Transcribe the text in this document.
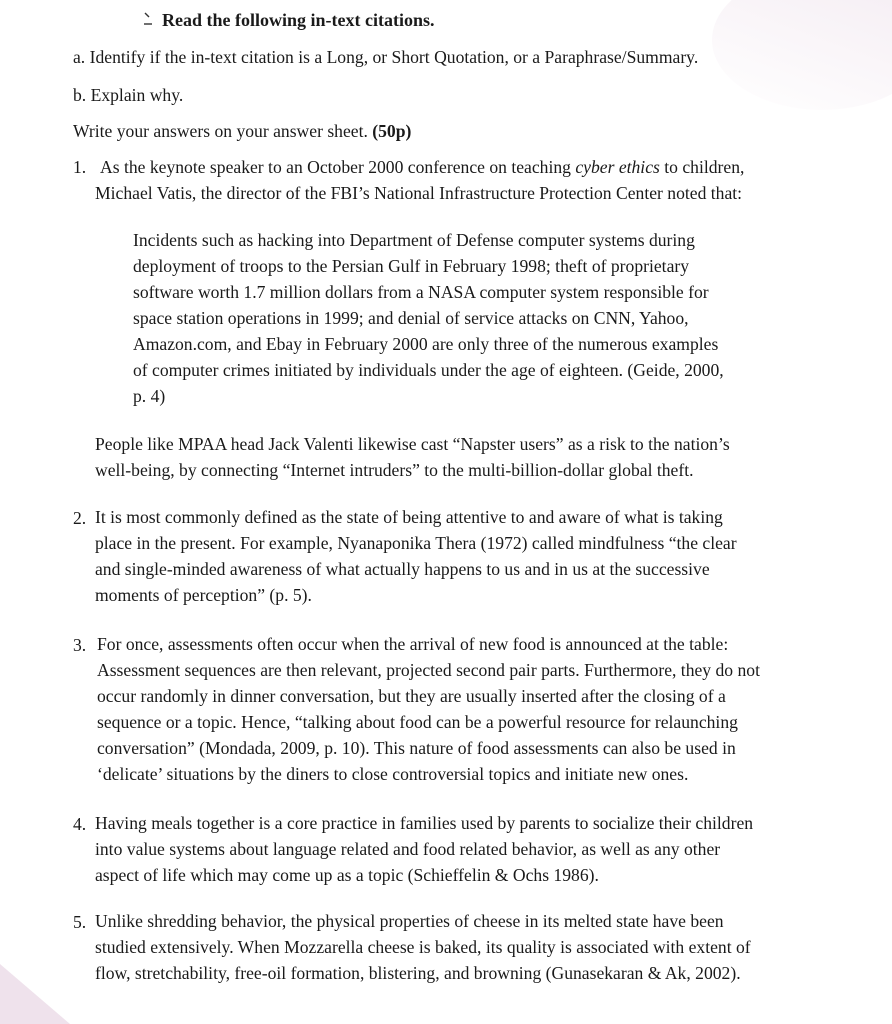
Read the following in-text citations.
a. Identify if the in-text citation is a Long, or Short Quotation, or a Paraphrase/Summary.
b. Explain why.
Write your answers on your answer sheet. (50p)
1. As the keynote speaker to an October 2000 conference on teaching cyber ethics to children,
Michael Vatis, the director of the FBI’s National Infrastructure Protection Center noted that:
Incidents such as hacking into Department of Defense computer systems during
deployment of troops to the Persian Gulf in February 1998; theft of proprietary
software worth 1.7 million dollars from a NASA computer system responsible for
space station operations in 1999; and denial of service attacks on CNN, Yahoo,
Amazon.com, and Ebay in February 2000 are only three of the numerous examples
of computer crimes initiated by individuals under the age of eighteen. (Geide, 2000,
p. 4)
People like MPAA head Jack Valenti likewise cast “Napster users” as a risk to the nation’s
well-being, by connecting “Internet intruders” to the multi-billion-dollar global theft.
2. It is most commonly defined as the state of being attentive to and aware of what is taking
place in the present. For example, Nyanaponika Thera (1972) called mindfulness “the clear
and single-minded awareness of what actually happens to us and in us at the successive
moments of perception” (p. 5).
3. For once, assessments often occur when the arrival of new food is announced at the table:
Assessment sequences are then relevant, projected second pair parts. Furthermore, they do not
occur randomly in dinner conversation, but they are usually inserted after the closing of a
sequence or a topic. Hence, “talking about food can be a powerful resource for relaunching
conversation” (Mondada, 2009, p. 10). This nature of food assessments can also be used in
‘delicate’ situations by the diners to close controversial topics and initiate new ones.
4. Having meals together is a core practice in families used by parents to socialize their children
into value systems about language related and food related behavior, as well as any other
aspect of life which may come up as a topic (Schieffelin & Ochs 1986).
5. Unlike shredding behavior, the physical properties of cheese in its melted state have been
studied extensively. When Mozzarella cheese is baked, its quality is associated with extent of
flow, stretchability, free-oil formation, blistering, and browning (Gunasekaran & Ak, 2002).
